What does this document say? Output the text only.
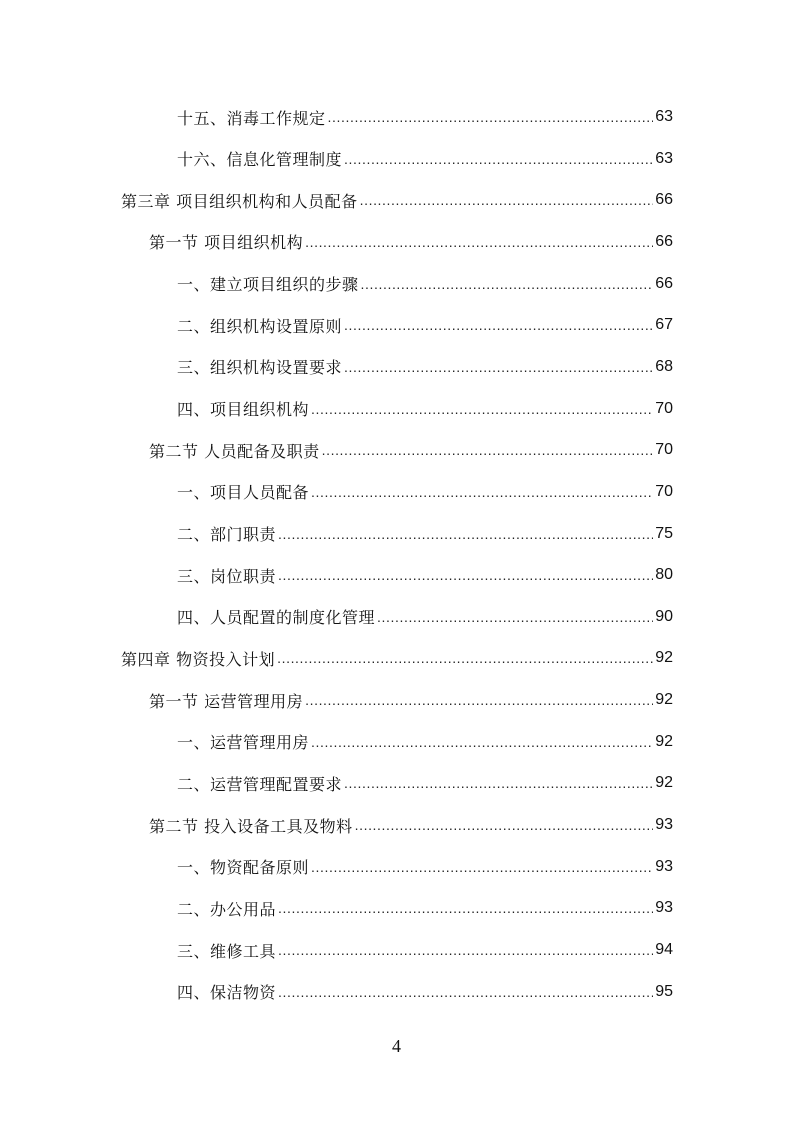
十五、消毒工作规定 .....	63
十六、信息化管理制度 .....	63
第三章 项目组织机构和人员配备 .....	66
第一节 项目组织机构 .....	66
一、建立项目组织的步骤 .....	66
二、组织机构设置原则 .....	67
三、组织机构设置要求 .....	68
四、项目组织机构 .....	70
第二节 人员配备及职责 .....	70
一、项目人员配备 .....	70
二、部门职责 .....	75
三、岗位职责 .....	80
四、人员配置的制度化管理 .....	90
第四章 物资投入计划 .....	92
第一节 运营管理用房 .....	92
一、运营管理用房 .....	92
二、运营管理配置要求 .....	92
第二节 投入设备工具及物料 .....	93
一、物资配备原则 .....	93
二、办公用品 .....	93
三、维修工具 .....	94
四、保洁物资 .....	95
4
